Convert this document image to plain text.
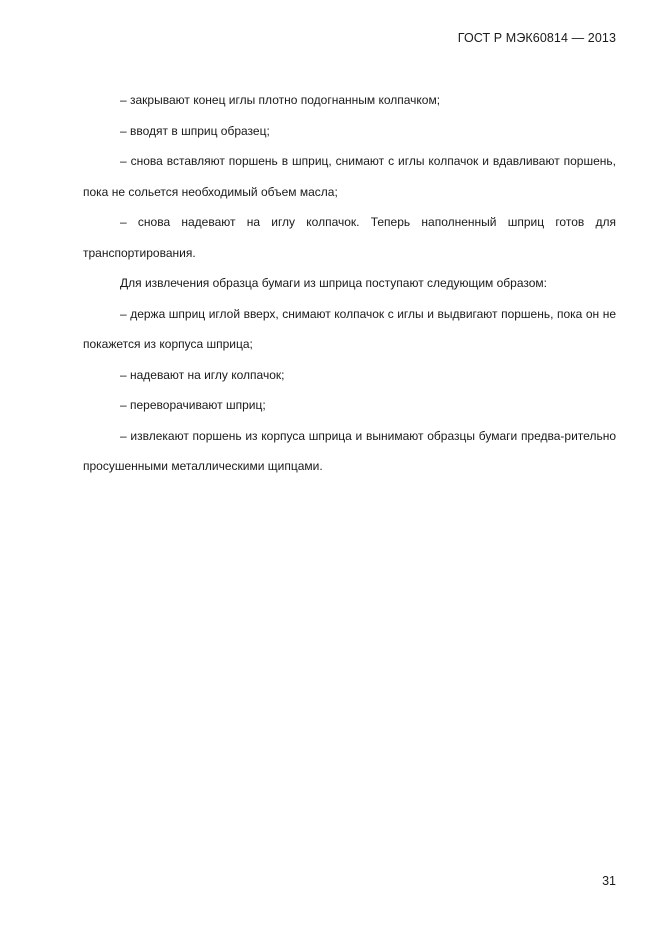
ГОСТ Р МЭК60814 — 2013

– закрывают конец иглы плотно подогнанным колпачком;

– вводят в шприц образец;

– снова вставляют поршень в шприц, снимают с иглы колпачок и вдавливают поршень, пока не сольется необходимый объем масла;

– снова надевают на иглу колпачок. Теперь наполненный шприц готов для транспортирования.

Для извлечения образца бумаги из шприца поступают следующим образом:

– держа шприц иглой вверх, снимают колпачок с иглы и выдвигают поршень, пока он не покажется из корпуса шприца;

– надевают на иглу колпачок;

– переворачивают шприц;

– извлекают поршень из корпуса шприца и вынимают образцы бумаги предва-рительно просушенными металлическими щипцами.

31
